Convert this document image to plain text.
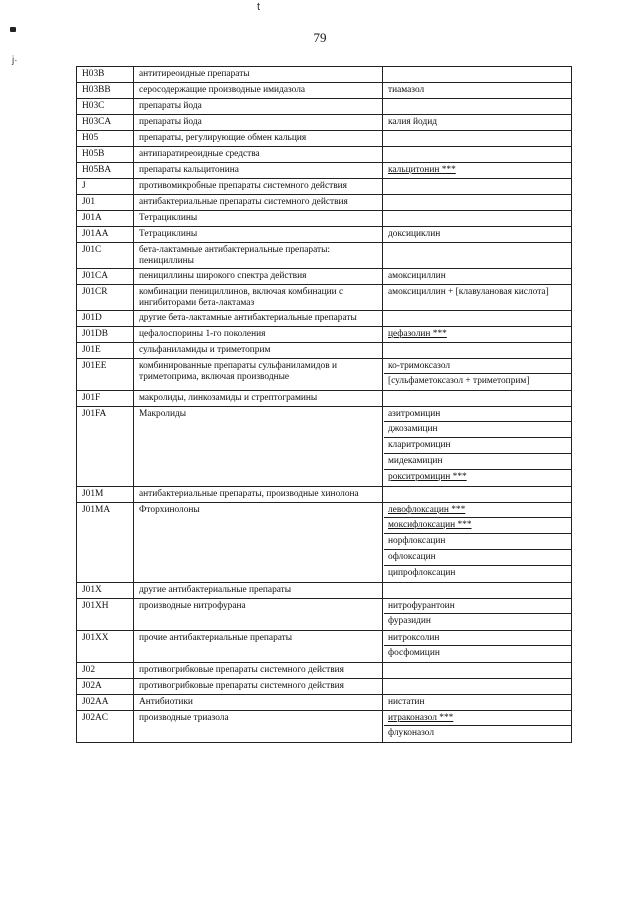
t
ј·
79
H03B	антитиреоидные препараты	
H03BB	серосодержащие производные имидазола	тиамазол

H03C	препараты йода	
H03CA	препараты йода	калия йодид

H05	препараты, регулирующие обмен кальция	
H05B	антипаратиреоидные средства	
H05BA	препараты кальцитонина	кальцитонин ***

J	противомикробные препараты системного действия	
J01	антибактериальные препараты системного действия	
J01A	Тетрациклины	
J01AA	Тетрациклины	доксициклин

J01C	бета-лактамные антибактериальные препараты: пенициллины	
J01CA	пенициллины широкого спектра действия	амоксициллин

J01CR	комбинации пенициллинов, включая комбинации с ингибиторами бета-лактамаз	амоксициллин + [клавулановая кислота]

J01D	другие бета-лактамные антибактериальные препараты	
J01DB	цефалоспорины 1-го поколения	цефазолин ***

J01E	сульфаниламиды и триметоприм	
J01EE	комбинированные препараты сульфаниламидов и триметоприма, включая производные	ко-тримоксазол
[сульфаметоксазол + триметоприм]

J01F	макролиды, линкозамиды и стрептограмины	
J01FA	Макролиды	азитромицин
джозамицин
кларитромицин
мидекамицин
рокситромицин ***

J01M	антибактериальные препараты, производные хинолона	
J01MA	Фторхинолоны	левофлоксацин ***
моксифлоксацин ***
норфлоксацин
офлоксацин
ципрофлоксацин

J01X	другие антибактериальные препараты	
J01XH	производные нитрофурана	нитрофурантоин
фуразидин

J01XX	прочие антибактериальные препараты	нитроксолин
фосфомицин

J02	противогрибковые препараты системного действия	
J02A	противогрибковые препараты системного действия	
J02AA	Антибиотики	нистатин

J02AC	производные триазола	итраконазол ***
флуконазол
